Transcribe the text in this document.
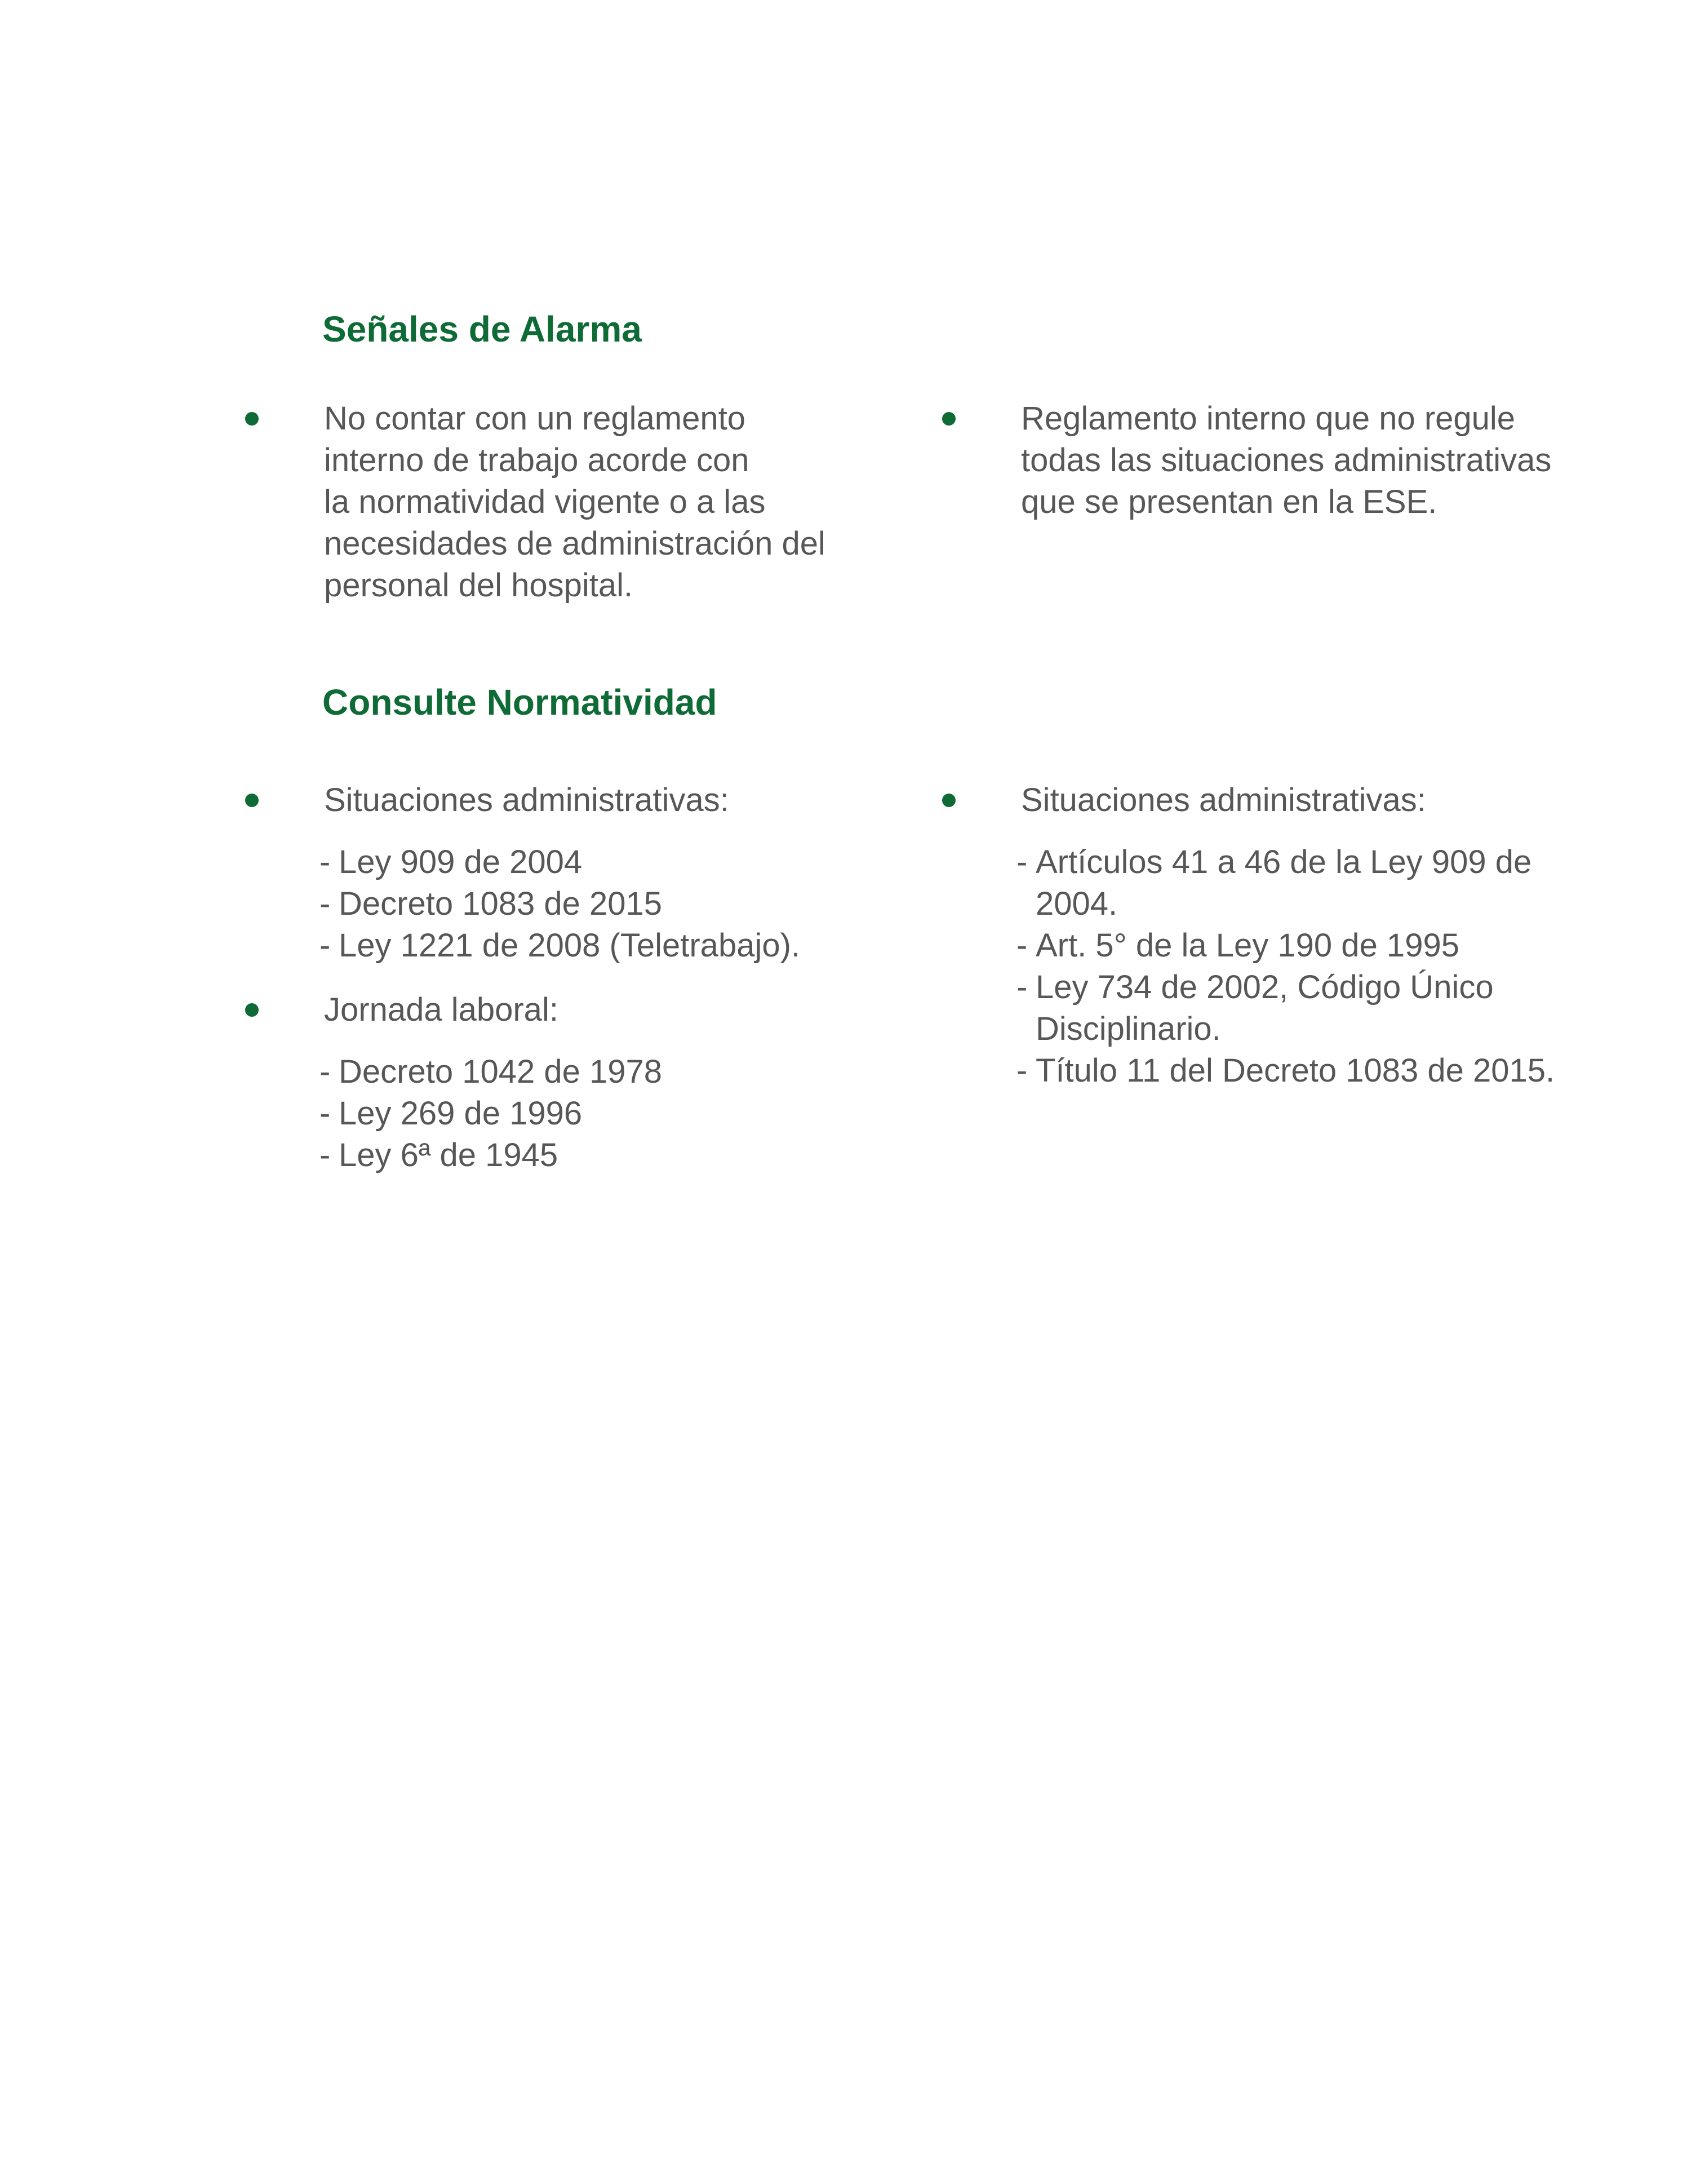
Señales de Alarma
No contar con un reglamento
interno de trabajo acorde con
la normatividad vigente o a las
necesidades de administración del
personal del hospital.
Reglamento interno que no regule
todas las situaciones administrativas
que se presentan en la ESE.
Consulte Normatividad
Situaciones administrativas:
- Ley 909 de 2004
- Decreto 1083 de 2015
- Ley 1221 de 2008 (Teletrabajo).
Jornada laboral:
- Decreto 1042 de 1978
- Ley 269 de 1996
- Ley 6ª de 1945
Situaciones administrativas:
- Artículos 41 a 46 de la Ley 909 de 2004.
- Art. 5° de la Ley 190 de 1995
- Ley 734 de 2002, Código Único Disciplinario.
- Título 11 del Decreto 1083 de 2015.
